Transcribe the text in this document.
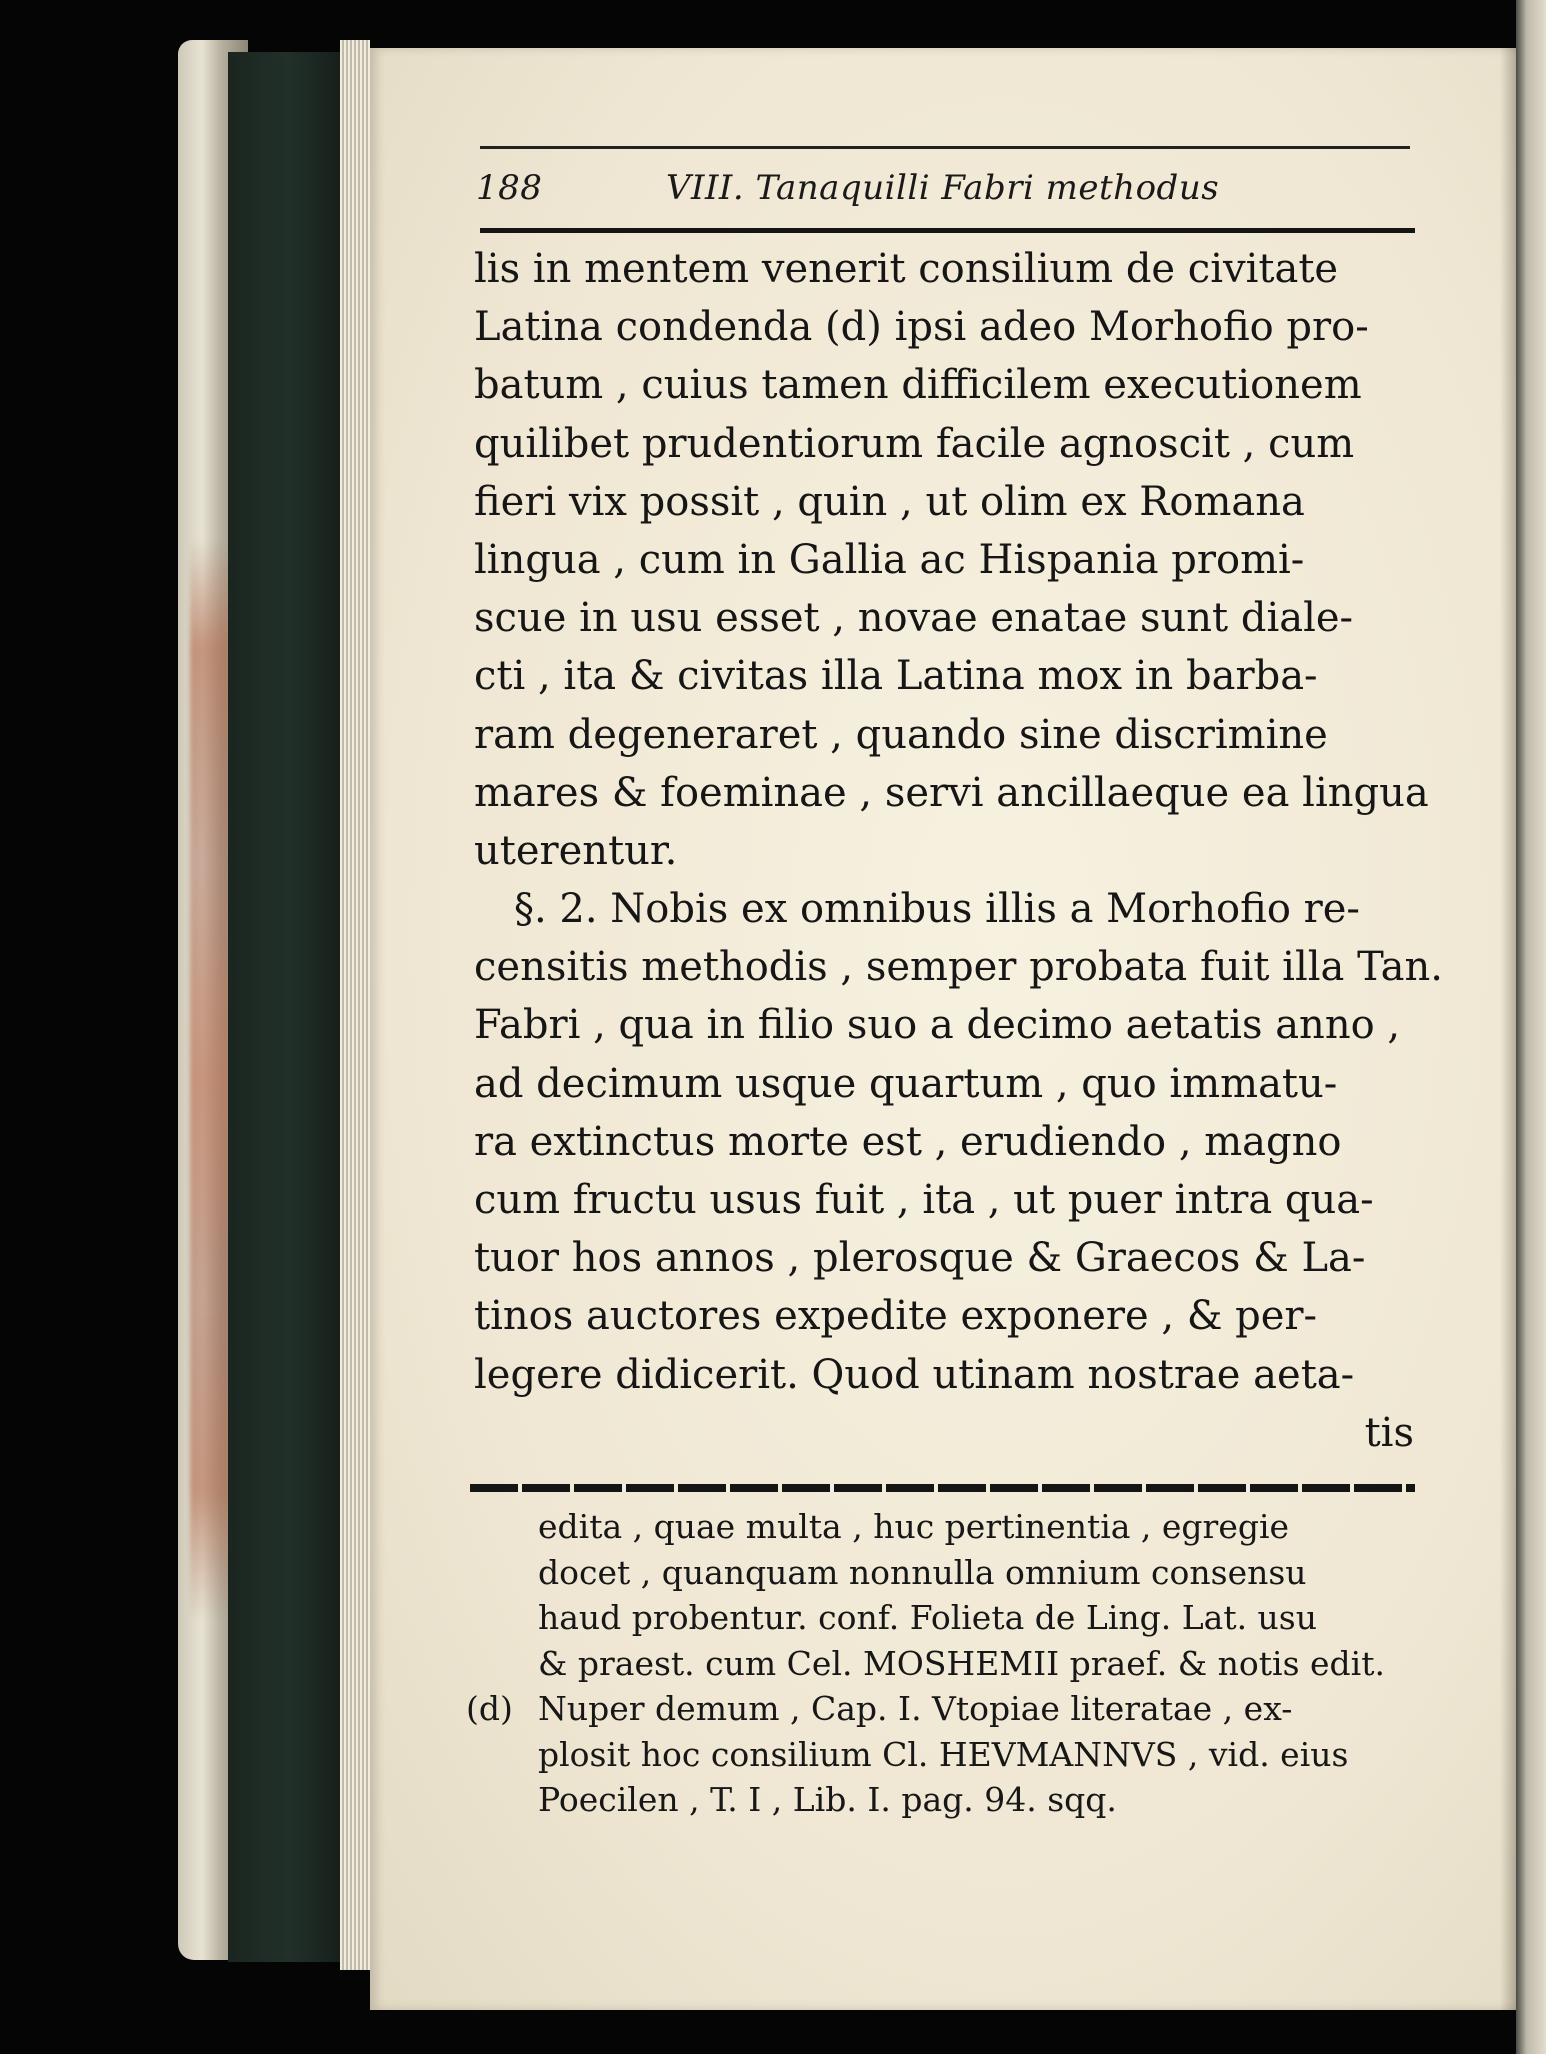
188	VIII. Tanaquilli Fabri methodus
lis in mentem venerit consilium de civitate
Latina condenda (d) ipsi adeo Morhofio pro-
batum , cuius tamen difficilem executionem
quilibet prudentiorum facile agnoscit , cum
fieri vix possit , quin , ut olim ex Romana
lingua , cum in Gallia ac Hispania promi-
scue in usu esset , novae enatae sunt diale-
cti , ita & civitas illa Latina mox in barba-
ram degeneraret , quando sine discrimine
mares & foeminae , servi ancillaeque ea lingua
uterentur.
§. 2. Nobis ex omnibus illis a Morhofio re-
censitis methodis , semper probata fuit illa Tan.
Fabri , qua in filio suo a decimo aetatis anno ,
ad decimum usque quartum , quo immatu-
ra extinctus morte est , erudiendo , magno
cum fructu usus fuit , ita , ut puer intra qua-
tuor hos annos , plerosque & Graecos & La-
tinos auctores expedite exponere , & per-
legere didicerit. Quod utinam nostrae aeta-
tis
edita , quae multa , huc pertinentia , egregie
docet , quanquam nonnulla omnium consensu
haud probentur. conf. Folieta de Ling. Lat. usu
& praest. cum Cel. MOSHEMII praef. & notis edit.
(d) Nuper demum , Cap. I. Vtopiae literatae , ex-
plosit hoc consilium Cl. HEVMANNVS , vid. eius
Poecilen , T. I , Lib. I. pag. 94. sqq.
